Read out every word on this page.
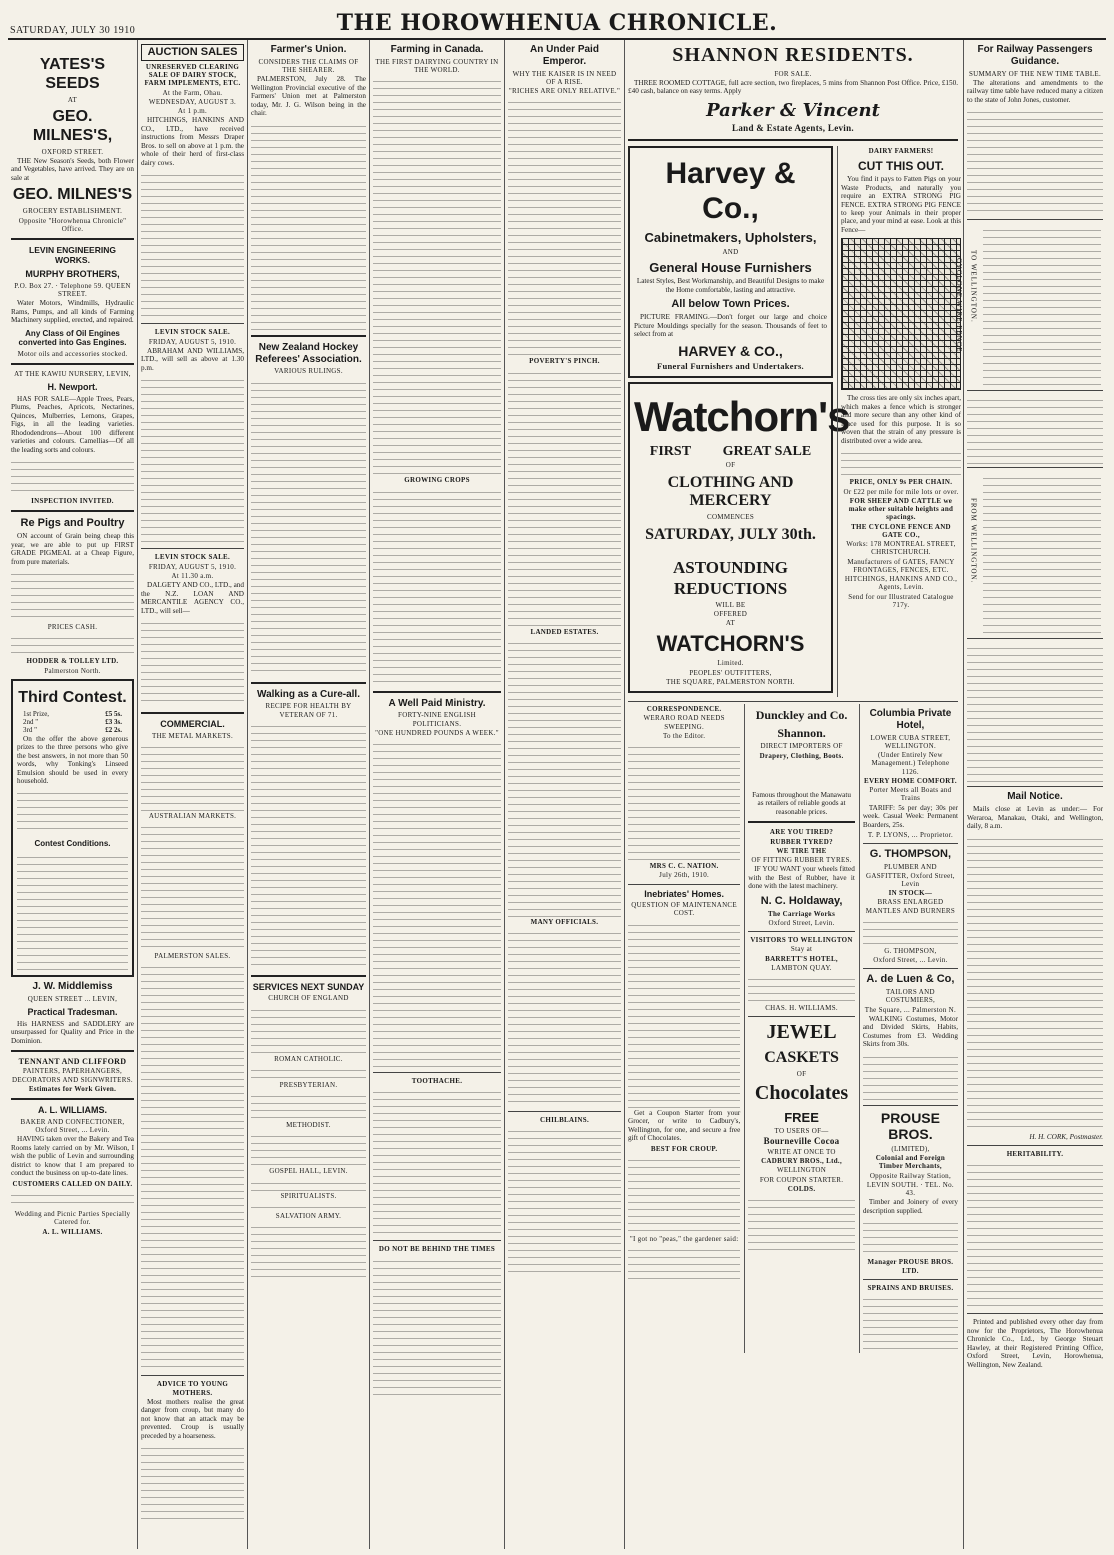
SATURDAY, JULY 30 1910	THE HOROWHENUA CHRONICLE.
YATES'S SEEDS
AT
GEO. MILNES'S,
OXFORD STREET.

THE New Season's Seeds, both Flower and Vegetables, have arrived. They are on sale at

GEO. MILNES'S
GROCERY ESTABLISHMENT.
Opposite "Horowhenua Chronicle" Office.
LEVIN ENGINEERING WORKS.
MURPHY BROTHERS,
P.O. Box 27. · Telephone 59. QUEEN STREET.

Water Motors, Windmills, Hydraulic Rams, Pumps, and all kinds of Farming Machinery supplied, erected, and repaired.

Any Class of Oil Engines converted into Gas Engines.
Motor oils and accessories stocked.
AT THE KAWIU NURSERY, LEVIN,
H. Newport.

HAS FOR SALE—Apple Trees, Pears, Plums, Peaches, Apricots, Nectarines, Quinces, Mulberries, Lemons, Grapes, Figs, in all the leading varieties. Rhododendrons—About 100 different varieties and colours. Camellias—Of all the leading sorts and colours.

INSPECTION INVITED.
Re Pigs and Poultry

ON account of Grain being cheap this year, we are able to put up FIRST GRADE PIGMEAL at a Cheap Figure, from pure materials.

PRICES CASH.
HODDER & TOLLEY LTD.
Palmerston North.
Third Contest.
1st Prize,	£5 5s.
2nd "	£3 3s.
3rd "	£2 2s.

On the offer the above generous prizes to the three persons who give the best answers, in not more than 50 words, why Tonking's Linseed Emulsion should be used in every household.

Contest Conditions.
J. W. Middlemiss
QUEEN STREET ... LEVIN,
Practical Tradesman.

His HARNESS and SADDLERY are unsurpassed for Quality and Price in the Dominion.

TENNANT AND CLIFFORD
PAINTERS, PAPERHANGERS, DECORATORS AND SIGNWRITERS.
Estimates for Work Given.
A. L. WILLIAMS.
BAKER AND CONFECTIONER, Oxford Street, ... Levin.

HAVING taken over the Bakery and Tea Rooms lately carried on by Mr. Wilson, I wish the public of Levin and surrounding district to know that I am prepared to conduct the business on up-to-date lines.

CUSTOMERS CALLED ON DAILY.
Wedding and Picnic Parties Specially Catered for.
A. L. WILLIAMS.
AUCTION SALES
UNRESERVED CLEARING SALE OF DAIRY STOCK, FARM IMPLEMENTS, ETC.
At the Farm, Ohau.
WEDNESDAY, AUGUST 3.
At 1 p.m.

HITCHINGS, HANKINS AND CO., LTD., have received instructions from Messrs Draper Bros. to sell on above at 1 p.m. the whole of their herd of first-class dairy cows.

LEVIN STOCK SALE.
FRIDAY, AUGUST 5, 1910.

ABRAHAM AND WILLIAMS, LTD., will sell as above at 1.30 p.m.

LEVIN STOCK SALE.
FRIDAY, AUGUST 5, 1910.
At 11.30 a.m.

DALGETY AND CO., LTD., and the N.Z. LOAN AND MERCANTILE AGENCY CO., LTD., will sell—

COMMERCIAL.
THE METAL MARKETS.
AUSTRALIAN MARKETS.
PALMERSTON SALES.
ADVICE TO YOUNG MOTHERS.

Most mothers realise the great danger from croup, but many do not know that an attack may be prevented. Croup is usually preceded by a hoarseness.

Farmer's Union.
CONSIDERS THE CLAIMS OF THE SHEARER.

PALMERSTON, July 28. The Wellington Provincial executive of the Farmers' Union met at Palmerston today, Mr. J. G. Wilson being in the chair.

New Zealand Hockey Referees' Association.
VARIOUS RULINGS.
Walking as a Cure-all.
RECIPE FOR HEALTH BY VETERAN OF 71.
SERVICES NEXT SUNDAY
CHURCH OF ENGLAND
ROMAN CATHOLIC.
PRESBYTERIAN.
METHODIST.
GOSPEL HALL, LEVIN.
SPIRITUALISTS.
SALVATION ARMY.
Farming in Canada.
THE FIRST DAIRYING COUNTRY IN THE WORLD.
GROWING CROPS
A Well Paid Ministry.
FORTY-NINE ENGLISH POLITICIANS.
"ONE HUNDRED POUNDS A WEEK."
TOOTHACHE.
DO NOT BE BEHIND THE TIMES
An Under Paid Emperor.
WHY THE KAISER IS IN NEED OF A RISE.
"RICHES ARE ONLY RELATIVE."
POVERTY'S PINCH.
LANDED ESTATES.
MANY OFFICIALS.
CHILBLAINS.
SHANNON RESIDENTS.
FOR SALE.

THREE ROOMED COTTAGE, full acre section, two fireplaces, 5 mins from Shannon Post Office. Price, £150. £40 cash, balance on easy terms. Apply

Parker & Vincent
Land & Estate Agents, Levin.
Harvey & Co.,
Cabinetmakers, Upholsters,
AND
General House Furnishers

Latest Styles, Best Workmanship, and Beautiful Designs to make the Home comfortable, lasting and attractive.

All below Town Prices.

PICTURE FRAMING.—Don't forget our large and choice Picture Mouldings specially for the season. Thousands of feet to select from at

HARVEY & CO.,
Funeral Furnishers and Undertakers.
Watchorn's
FIRST GREAT SALE
OF
CLOTHING AND MERCERY
COMMENCES
SATURDAY, JULY 30th.
ASTOUNDING REDUCTIONS
WILL BE
OFFERED
AT
WATCHORN'S
Limited.
PEOPLES' OUTFITTERS,
THE SQUARE, PALMERSTON NORTH.
DAIRY FARMERS!
CUT THIS OUT.

You find it pays to Fatten Pigs on your Waste Products, and naturally you require an EXTRA STRONG PIG FENCE. EXTRA STRONG PIG FENCE to keep your Animals in their proper place, and your mind at ease. Look at this Fence—

CYCLONE WIRE FENCE

The cross ties are only six inches apart, which makes a fence which is stronger and more secure than any other kind of fence used for this purpose. It is so woven that the strain of any pressure is distributed over a wide area.

PRICE, ONLY 9s PER CHAIN.
Or £22 per mile for mile lots or over.
FOR SHEEP AND CATTLE we make other suitable heights and spacings.
THE CYCLONE FENCE AND GATE CO.,
Works: 178 MONTREAL STREET, CHRISTCHURCH.
Manufacturers of GATES, FANCY FRONTAGES, FENCES, ETC.
HITCHINGS, HANKINS AND CO., Agents, Levin.
Send for our Illustrated Catalogue 717y.
CORRESPONDENCE.
WERARO ROAD NEEDS SWEEPING.
To the Editor.
MRS C. C. NATION.
July 26th, 1910.
Inebriates' Homes.
QUESTION OF MAINTENANCE COST.

Get a Coupon Starter from your Grocer, or write to Cadbury's, Wellington, for one, and secure a free gift of Chocolates.

BEST FOR CROUP.
"I got no "peas," the gardener said:
Dunckley and Co.
Shannon.
DIRECT IMPORTERS OF
Drapery, Clothing, Boots.

Famous throughout the Manawatu as retailers of reliable goods at reasonable prices.

ARE YOU TIRED?
RUBBER TYRED?
WE TIRE THE
OF FITTING RUBBER TYRES.

IF YOU WANT your wheels fitted with the Best of Rubber, have it done with the latest machinery.

N. C. Holdaway,
The Carriage Works
Oxford Street, Levin.
VISITORS TO WELLINGTON
Stay at
BARRETT'S HOTEL,
LAMBTON QUAY.
CHAS. H. WILLIAMS.
JEWEL
CASKETS
OF
Chocolates
FREE
TO USERS OF—
Bourneville Cocoa
WRITE AT ONCE TO
CADBURY BROS., Ltd.,
WELLINGTON
FOR COUPON STARTER.
COLDS.
Columbia Private Hotel,
LOWER CUBA STREET, WELLINGTON.
(Under Entirely New Management.) Telephone 1126.
EVERY HOME COMFORT.
Porter Meets all Boats and Trains

TARIFF: 5s per day; 30s per week. Casual Week: Permanent Boarders, 25s.

T. P. LYONS, ... Proprietor.
G. THOMPSON,
PLUMBER AND GASFITTER, Oxford Street, Levin
IN STOCK—
BRASS ENLARGED MANTLES AND BURNERS
G. THOMPSON,
Oxford Street, ... Levin.
A. de Luen & Co,
TAILORS AND COSTUMIERS,
The Square, ... Palmerston N.

WALKING Costumes, Motor and Divided Skirts, Habits, Costumes from £3. Wedding Skirts from 30s.

PROUSE BROS.
(LIMITED),
Colonial and Foreign Timber Merchants,
Opposite Railway Station,
LEVIN SOUTH. · TEL. No. 43.

Timber and Joinery of every description supplied.

Manager PROUSE BROS. LTD.
SPRAINS AND BRUISES.
For Railway Passengers Guidance.
SUMMARY OF THE NEW TIME TABLE.

The alterations and amendments to the railway time table have reduced many a citizen to the state of John Jones, customer.

TO WELLINGTON.
FROM WELLINGTON.
Mail Notice.

Mails close at Levin as under:— For Weraroa, Manakau, Otaki, and Wellington, daily, 8 a.m.

H. H. CORK, Postmaster.
HERITABILITY.

Printed and published every other day from now for the Proprietors, The Horowhenua Chronicle Co., Ltd., by George Steuart Hawley, at their Registered Printing Office, Oxford Street, Levin, Horowhenua, Wellington, New Zealand.
